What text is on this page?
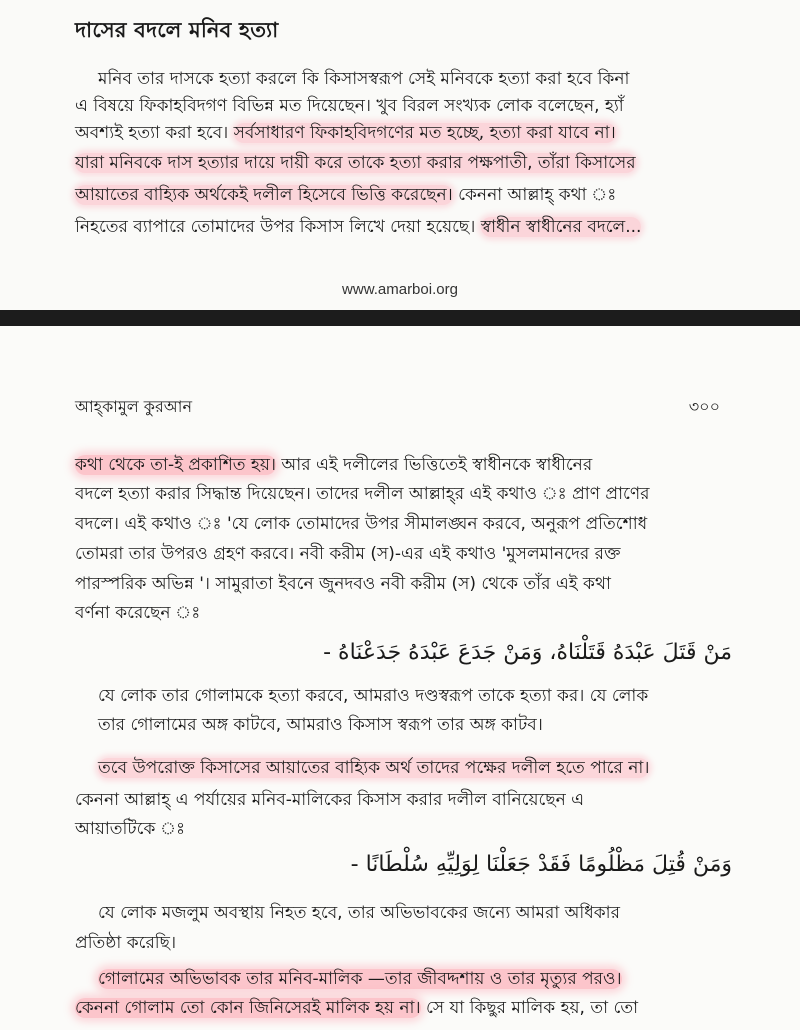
দাসের বদলে মনিব হত্যা
মনিব তার দাসকে হত্যা করলে কি কিসাসস্বরূপ সেই মনিবকে হত্যা করা হবে কিনা
এ বিষয়ে ফিকাহবিদগণ বিভিন্ন মত দিয়েছেন। খুব বিরল সংখ্যক লোক বলেছেন, হ্যাঁ
অবশ্যই হত্যা করা হবে। সর্বসাধারণ ফিকাহবিদগণের মত হচ্ছে, হত্যা করা যাবে না।
যারা মনিবকে দাস হত্যার দায়ে দায়ী করে তাকে হত্যা করার পক্ষপাতী, তাঁরা কিসাসের
আয়াতের বাহ্যিক অর্থকেই দলীল হিসেবে ভিত্তি করেছেন। কেননা আল্লাহ্‌ কথা ঃ
নিহতের ব্যাপারে তোমাদের উপর কিসাস লিখে দেয়া হয়েছে। স্বাধীন স্বাধীনের বদলে...
www.amarboi.org
আহ্‌কামুল কুরআন	৩০০
কথা থেকে তা-ই প্রকাশিত হয়। আর এই দলীলের ভিত্তিতেই স্বাধীনকে স্বাধীনের
বদলে হত্যা করার সিদ্ধান্ত দিয়েছেন। তাদের দলীল আল্লাহ্‌র এই কথাও ঃ প্রাণ প্রাণের
বদলে। এই কথাও ঃ 'যে লোক তোমাদের উপর সীমালঙ্ঘন করবে, অনুরূপ প্রতিশোধ
তোমরা তার উপরও গ্রহণ করবে। নবী করীম (স)-এর এই কথাও 'মুসলমানদের রক্ত
পারস্পরিক অভিন্ন '। সামুরাতা ইবনে জুনদবও নবী করীম (স) থেকে তাঁর এই কথা
বর্ণনা করেছেন ঃ
مَنْ قَتَلَ عَبْدَهُ قَتَلْنَاهُ، وَمَنْ جَدَعَ عَبْدَهُ جَدَعْنَاهُ -
যে লোক তার গোলামকে হত্যা করবে, আমরাও দণ্ডস্বরূপ তাকে হত্যা কর। যে লোক
তার গোলামের অঙ্গ কাটবে, আমরাও কিসাস স্বরূপ তার অঙ্গ কাটব।
তবে উপরোক্ত কিসাসের আয়াতের বাহ্যিক অর্থ তাদের পক্ষের দলীল হতে পারে না।
কেননা আল্লাহ্‌ এ পর্যায়ের মনিব-মালিকের কিসাস করার দলীল বানিয়েছেন এ
আয়াতটিকে ঃ
وَمَنْ قُتِلَ مَظْلُومًا فَقَدْ جَعَلْنَا لِوَلِيِّهِ سُلْطَانًا -
যে লোক মজলুম অবস্থায় নিহত হবে, তার অভিভাবকের জন্যে আমরা অধিকার
প্রতিষ্ঠা করেছি।
গোলামের অভিভাবক তার মনিব-মালিক —তার জীবদ্দশায় ও তার মৃত্যুর পরও।
কেননা গোলাম তো কোন জিনিসেরই মালিক হয় না। সে যা কিছুর মালিক হয়, তা তো
